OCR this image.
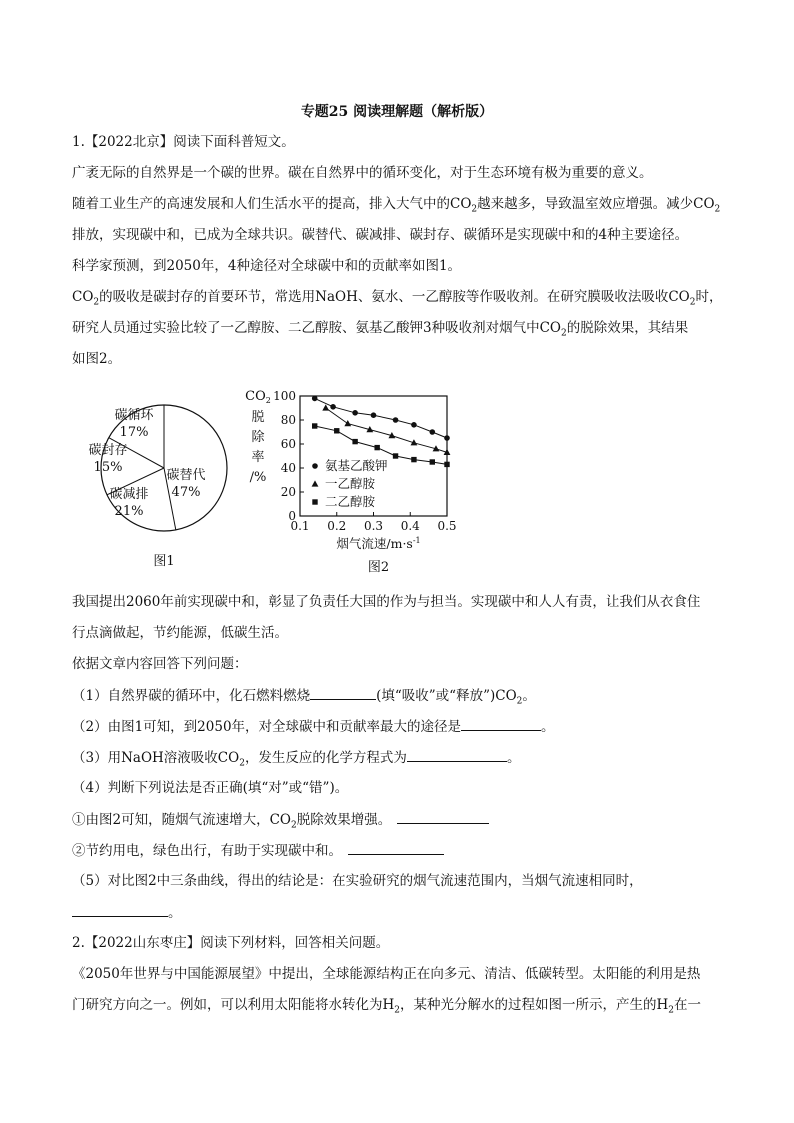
专题25 阅读理解题（解析版）
1.【2022北京】阅读下面科普短文。
广袤无际的自然界是一个碳的世界。碳在自然界中的循环变化，对于生态环境有极为重要的意义。
随着工业生产的高速发展和人们生活水平的提高，排入大气中的$CO_2$越来越多，导致温室效应增强。减少$CO_2$
排放，实现碳中和，已成为全球共识。碳替代、碳减排、碳封存、碳循环是实现碳中和的4种主要途径。
科学家预测，到2050年，4种途径对全球碳中和的贡献率如图1。
$CO_2$的吸收是碳封存的首要环节，常选用NaOH、氨水、一乙醇胺等作吸收剂。在研究膜吸收法吸收$CO_2$时，
研究人员通过实验比较了一乙醇胺、二乙醇胺、氨基乙酸钾3种吸收剂对烟气中$CO_2$的脱除效果，其结果
如图2。
碳替代
47%
碳减排
21%
碳封存
15%
碳循环
17%
图1
$CO_2$
脱
除
率
/%
0
20
40
60
80
100
0.1 0.2 0.3 0.4 0.5
烟气流速$/m\cdot s^{-1}$
图2
氨基乙酸钾
一乙醇胺
二乙醇胺
我国提出2060年前实现碳中和，彰显了负责任大国的作为与担当。实现碳中和人人有责，让我们从衣食住
行点滴做起，节约能源，低碳生活。
依据文章内容回答下列问题：
（1）自然界碳的循环中，化石燃料燃烧	(填“吸收”或“释放$”)CO_2$。
（2）由图1可知，到2050年，对全球碳中和贡献率最大的途径是	。
（3）用NaOH溶液吸收$CO_2$，发生反应的化学方程式为	。
（4）判断下列说法是否正确(填“对”或“错”)。
①由图2可知，随烟气流速增大，$CO_2$脱除效果增强。
②节约用电，绿色出行，有助于实现碳中和。
（5）对比图2中三条曲线，得出的结论是：在实验研究的烟气流速范围内，当烟气流速相同时，
。
2.【2022山东枣庄】阅读下列材料，回答相关问题。
《2050年世界与中国能源展望》中提出，全球能源结构正在向多元、清洁、低碳转型。太阳能的利用是热
门研究方向之一。例如，可以利用太阳能将水转化为$H_2$，某种光分解水的过程如图一所示，产生的$H_2$在一
